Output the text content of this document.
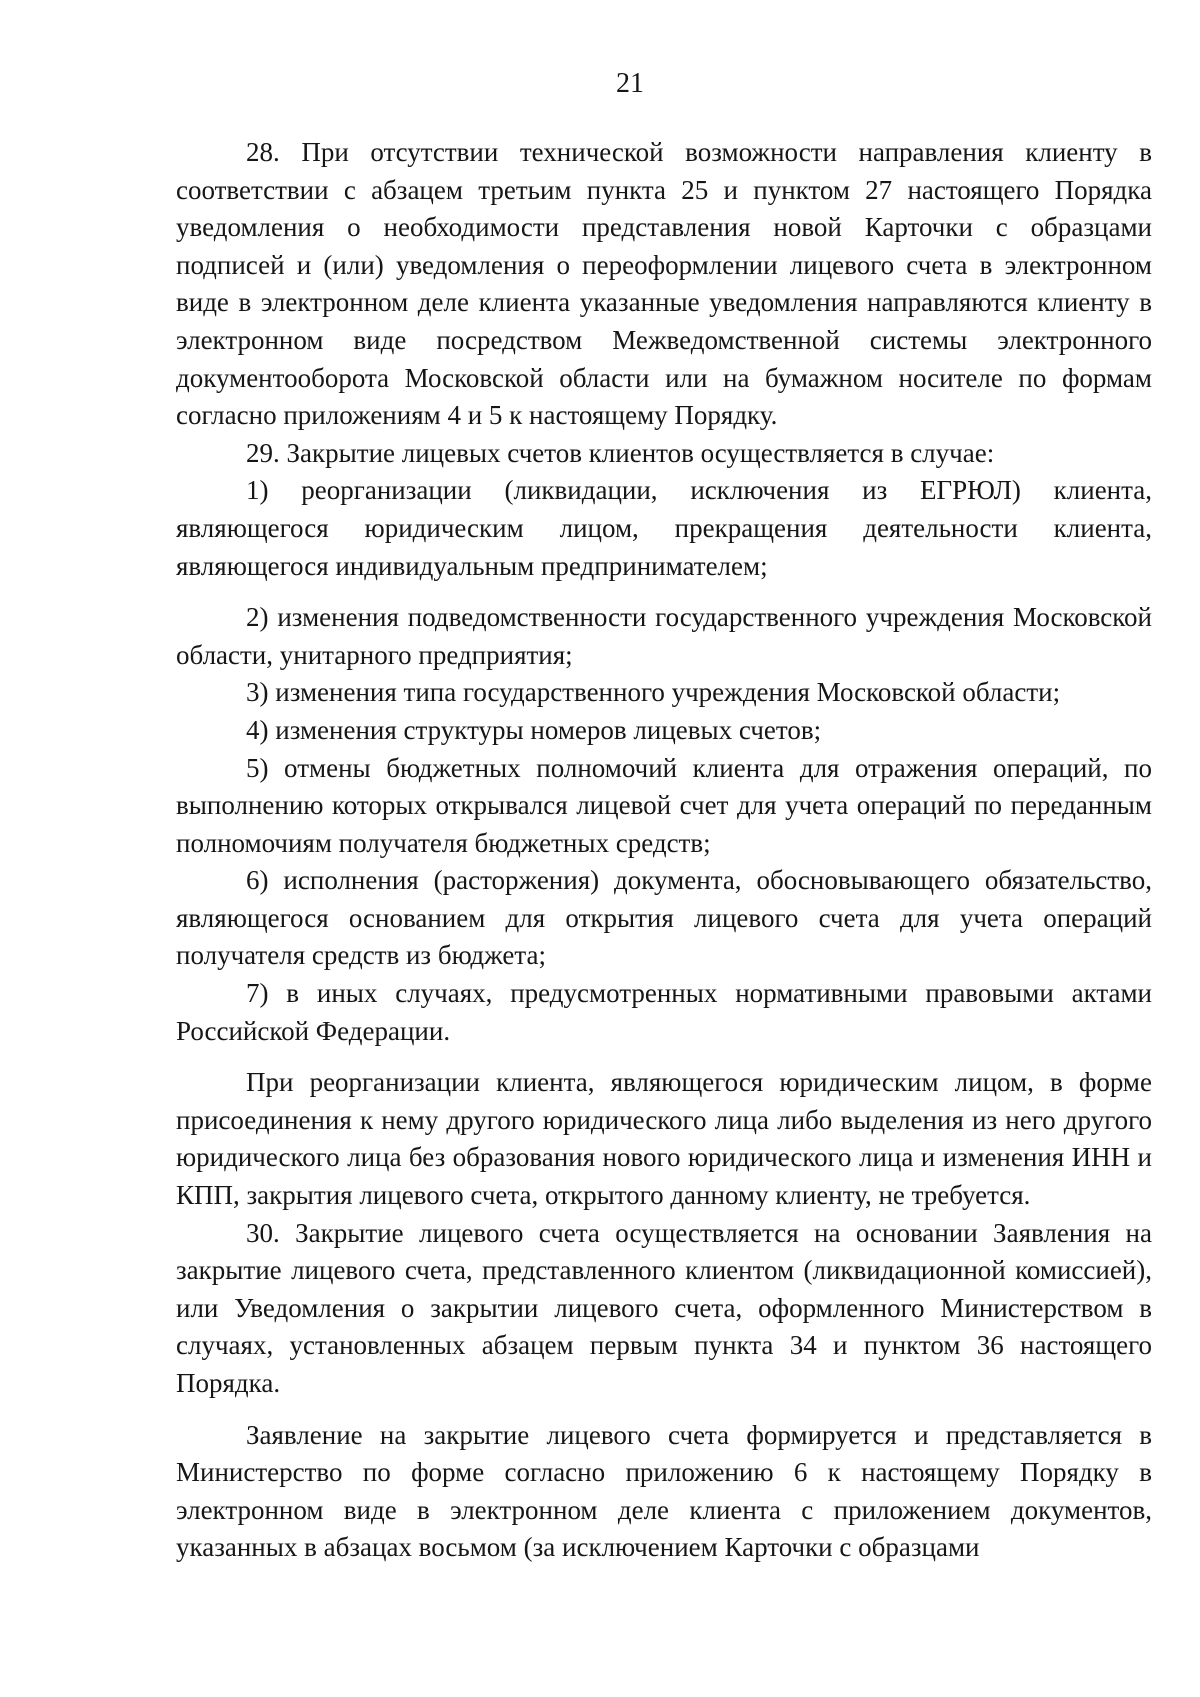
21

28. При отсутствии технической возможности направления клиенту в соответствии с абзацем третьим пункта 25 и пунктом 27 настоящего Порядка уведомления о необходимости представления новой Карточки с образцами подписей и (или) уведомления о переоформлении лицевого счета в электронном виде в электронном деле клиента указанные уведомления направляются клиенту в электронном виде посредством Межведомственной системы электронного документооборота Московской области или на бумажном носителе по формам согласно приложениям 4 и 5 к настоящему Порядку.

29. Закрытие лицевых счетов клиентов осуществляется в случае:

1) реорганизации (ликвидации, исключения из ЕГРЮЛ) клиента, являющегося юридическим лицом, прекращения деятельности клиента, являющегося индивидуальным предпринимателем;

2) изменения подведомственности государственного учреждения Московской области, унитарного предприятия;

3) изменения типа государственного учреждения Московской области;

4) изменения структуры номеров лицевых счетов;

5) отмены бюджетных полномочий клиента для отражения операций, по выполнению которых открывался лицевой счет для учета операций по переданным полномочиям получателя бюджетных средств;

6) исполнения (расторжения) документа, обосновывающего обязательство, являющегося основанием для открытия лицевого счета для учета операций получателя средств из бюджета;

7) в иных случаях, предусмотренных нормативными правовыми актами Российской Федерации.

При реорганизации клиента, являющегося юридическим лицом, в форме присоединения к нему другого юридического лица либо выделения из него другого юридического лица без образования нового юридического лица и изменения ИНН и КПП, закрытия лицевого счета, открытого данному клиенту, не требуется.

30. Закрытие лицевого счета осуществляется на основании Заявления на закрытие лицевого счета, представленного клиентом (ликвидационной комиссией), или Уведомления о закрытии лицевого счета, оформленного Министерством в случаях, установленных абзацем первым пункта 34 и пунктом 36 настоящего Порядка.

Заявление на закрытие лицевого счета формируется и представляется в Министерство по форме согласно приложению 6 к настоящему Порядку в электронном виде в электронном деле клиента с приложением документов, указанных в абзацах восьмом (за исключением Карточки с образцами
